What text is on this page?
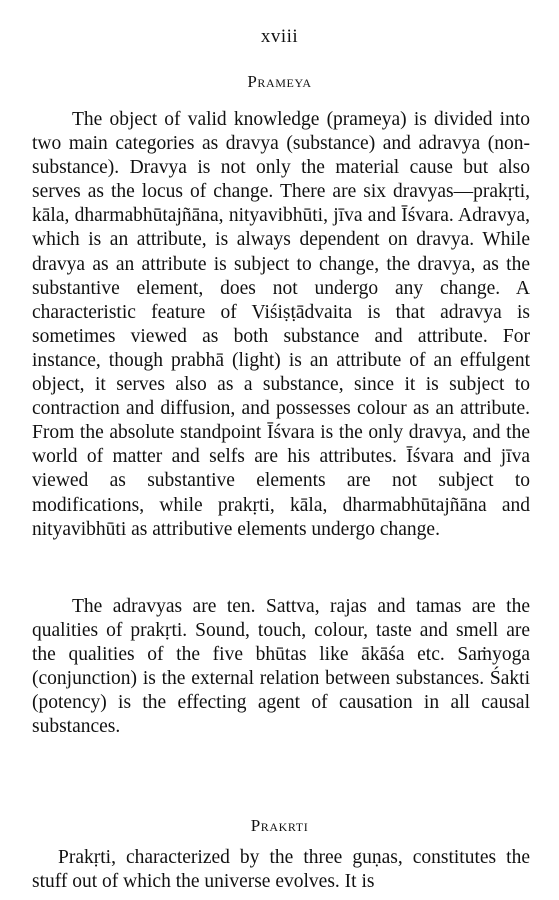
xviii
Prameya

The object of valid knowledge (prameya) is divided into two main categories as dravya (substance) and adravya (non-substance). Dravya is not only the material cause but also serves as the locus of change. There are six dravyas—prakṛti, kāla, dharmabhūtajñāna, nityavibhūti, jīva and Īśvara. Adravya, which is an attribute, is always dependent on dravya. While dravya as an attribute is subject to change, the dravya, as the substantive element, does not undergo any change. A characteristic feature of Viśiṣṭādvaita is that adravya is sometimes viewed as both substance and attribute. For instance, though prabhā (light) is an attribute of an effulgent object, it serves also as a substance, since it is subject to contraction and diffusion, and possesses colour as an attribute. From the absolute standpoint Īśvara is the only dravya, and the world of matter and selfs are his attributes. Īśvara and jīva viewed as substantive elements are not subject to modifications, while prakṛti, kāla, dharmabhūtajñāna and nityavibhūti as attributive elements undergo change.

The adravyas are ten. Sattva, rajas and tamas are the qualities of prakṛti. Sound, touch, colour, taste and smell are the qualities of the five bhūtas like ākāśa etc. Saṁyoga (conjunction) is the external relation between substances. Śakti (potency) is the effecting agent of causation in all causal substances.

Prakrti

Prakṛti, characterized by the three guṇas, constitutes the stuff out of which the universe evolves. It is
